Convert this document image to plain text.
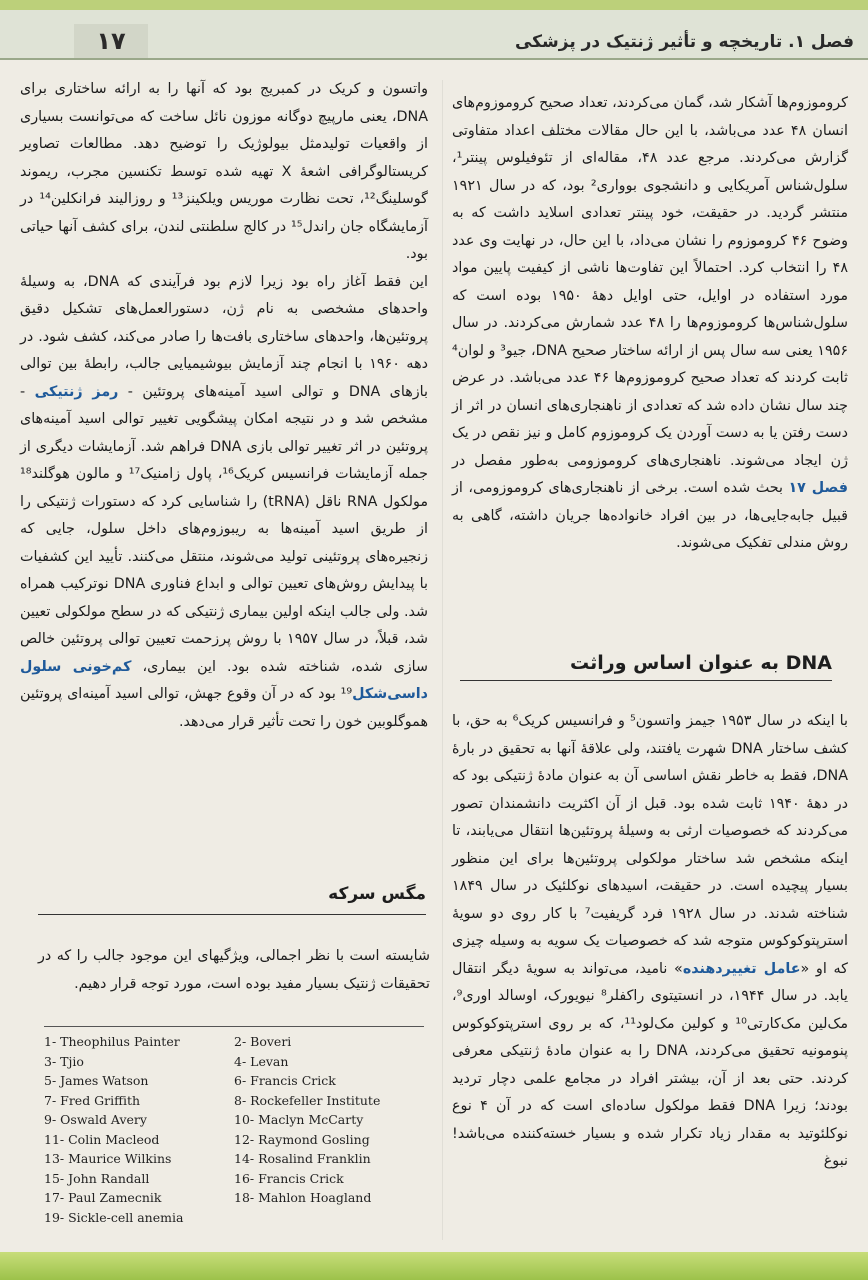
۱۷	فصل ۱. تاریخچه و تأثیر ژنتیک در پزشکی

کروموزوم‌ها آشکار شد، گمان می‌کردند، تعداد صحیح کروموزوم‌های انسان ۴۸ عدد می‌باشد، با این حال مقالات مختلف اعداد متفاوتی گزارش می‌کردند. مرجع عدد ۴۸، مقاله‌ای از تئوفیلوس پینتر¹، سلول‌شناس آمریکایی و دانشجوی بوواری² بود، که در سال ۱۹۲۱ منتشر گردید. در حقیقت، خود پینتر تعدادی اسلاید داشت که به وضوح ۴۶ کروموزوم را نشان می‌داد، با این حال، در نهایت وی عدد ۴۸ را انتخاب کرد. احتمالاً این تفاوت‌ها ناشی از کیفیت پایین مواد مورد استفاده در اوایل، حتی اوایل دههٔ ۱۹۵۰ بوده است که سلول‌شناس‌ها کروموزوم‌ها را ۴۸ عدد شمارش می‌کردند. در سال ۱۹۵۶ یعنی سه سال پس از ارائه ساختار صحیح DNA، جیو³ و لوان⁴ ثابت کردند که تعداد صحیح کروموزوم‌ها ۴۶ عدد می‌باشد. در عرض چند سال نشان داده شد که تعدادی از ناهنجاری‌های انسان در اثر از دست رفتن یا به دست آوردن یک کروموزوم کامل و نیز نقص در یک ژن ایجاد می‌شوند. ناهنجاری‌های کروموزومی به‌طور مفصل در فصل ۱۷ بحث شده است. برخی از ناهنجاری‌های کروموزومی، از قبیل جابه‌جایی‌ها، در بین افراد خانواده‌ها جریان داشته، گاهی به روش مندلی تفکیک می‌شوند.

DNA به عنوان اساس وراثت

با اینکه در سال ۱۹۵۳ جیمز واتسون⁵ و فرانسیس کریک⁶ به حق، با کشف ساختار DNA شهرت یافتند، ولی علاقهٔ آنها به تحقیق در بارهٔ DNA، فقط به خاطر نقش اساسی آن به عنوان مادهٔ ژنتیکی بود که در دههٔ ۱۹۴۰ ثابت شده بود. قبل از آن اکثریت دانشمندان تصور می‌کردند که خصوصیات ارثی به وسیلهٔ پروتئین‌ها انتقال می‌یابند، تا اینکه مشخص شد ساختار مولکولی پروتئین‌ها برای این منظور بسیار پیچیده است. در حقیقت، اسیدهای نوکلئیک در سال ۱۸۴۹ شناخته شدند. در سال ۱۹۲۸ فرد گریفیت⁷ با کار روی دو سویهٔ استرپتوکوکوس متوجه شد که خصوصیات یک سویه به وسیله چیزی که او «عامل تغییردهنده» نامید، می‌تواند به سویهٔ دیگر انتقال یابد. در سال ۱۹۴۴، در انستیتوی راکفلر⁸ نیویورک، اوسالد اوری⁹، مک‌لین مک‌کارتی¹⁰ و کولین مک‌لود¹¹، که بر روی استرپتوکوکوس پنومونیه تحقیق می‌کردند، DNA را به عنوان مادهٔ ژنتیکی معرفی کردند. حتی بعد از آن، بیشتر افراد در مجامع علمی دچار تردید بودند؛ زیرا DNA فقط مولکول ساده‌ای است که در آن ۴ نوع نوکلئوتید به مقدار زیاد تکرار شده و بسیار خسته‌کننده می‌باشد! نبوغ

واتسون و کریک در کمبریج بود که آنها را به ارائه ساختاری برای DNA، یعنی مارپیچ دوگانه موزون نائل ساخت که می‌توانست بسیاری از واقعیات تولیدمثل بیولوژیک را توضیح دهد. مطالعات تصاویر کریستالوگرافی اشعهٔ X تهیه شده توسط تکنسین مجرب، ریموند گوسلینگ¹²، تحت نظارت موریس ویلکینز¹³ و روزالیند فرانکلین¹⁴ در آزمایشگاه جان راندل¹⁵ در کالج سلطنتی لندن، برای کشف آنها حیاتی بود.

این فقط آغاز راه بود زیرا لازم بود فرآیندی که DNA، به وسیلهٔ واحدهای مشخصی به نام ژن، دستورالعمل‌های تشکیل دقیق پروتئین‌ها، واحدهای ساختاری بافت‌ها را صادر می‌کند، کشف شود. در دهه ۱۹۶۰ با انجام چند آزمایش بیوشیمیایی جالب، رابطهٔ بین توالی بازهای DNA و توالی اسید آمینه‌های پروتئین - رمز ژنتیکی - مشخص شد و در نتیجه امکان پیشگویی تغییر توالی اسید آمینه‌های پروتئین در اثر تغییر توالی بازی DNA فراهم شد. آزمایشات دیگری از جمله آزمایشات فرانسیس کریک¹⁶، پاول زامنیک¹⁷ و مالون هوگلند¹⁸ مولکول RNA ناقل (tRNA) را شناسایی کرد که دستورات ژنتیکی را از طریق اسید آمینه‌ها به ریبوزوم‌های داخل سلول، جایی که زنجیره‌های پروتئینی تولید می‌شوند، منتقل می‌کنند. تأیید این کشفیات با پیدایش روش‌های تعیین توالی و ابداع فناوری DNA نوترکیب همراه شد. ولی جالب اینکه اولین بیماری ژنتیکی که در سطح مولکولی تعیین شد، قبلاً، در سال ۱۹۵۷ با روش پرزحمت تعیین توالی پروتئین خالص سازی شده، شناخته شده بود. این بیماری، کم‌خونی سلول داسی‌شکل¹⁹ بود که در آن وقوع جهش، توالی اسید آمینه‌ای پروتئین هموگلوبین خون را تحت تأثیر قرار می‌دهد.

مگس سرکه
شایسته است با نظر اجمالی، ویژگیهای این موجود جالب را که در تحقیقات ژنتیک بسیار مفید بوده است، مورد توجه قرار دهیم.
1- Theophilus Painter	2- Boveri
3- Tjio	4- Levan
5- James Watson	6- Francis Crick
7- Fred Griffith	8- Rockefeller Institute
9- Oswald Avery	10- Maclyn McCarty
11- Colin Macleod	12- Raymond Gosling
13- Maurice Wilkins	14- Rosalind Franklin
15- John Randall	16- Francis Crick
17- Paul Zamecnik	18- Mahlon Hoagland
19- Sickle-cell anemia
